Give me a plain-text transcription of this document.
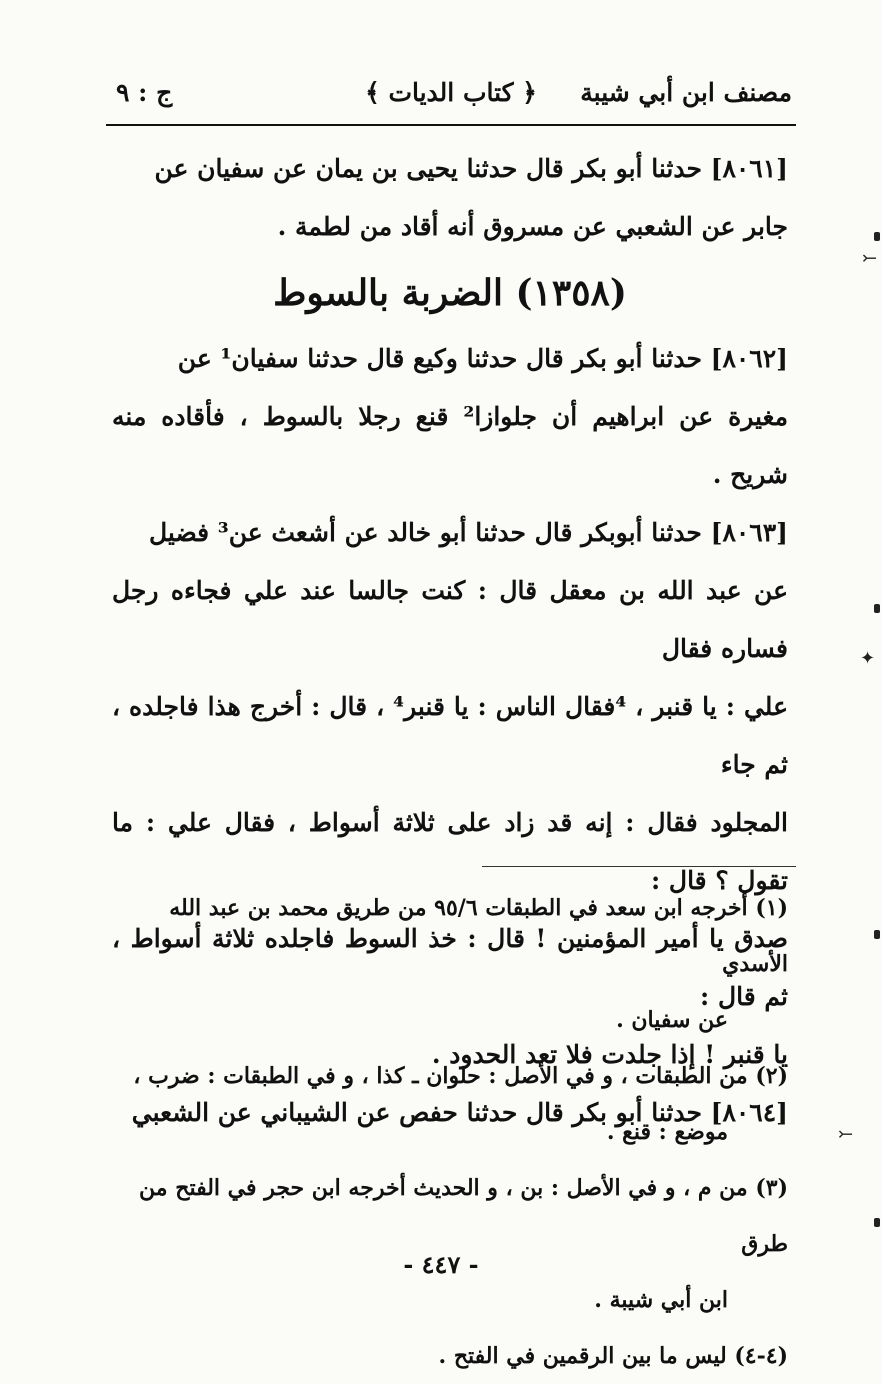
مصنف ابن أبي شيبة
﴿ كتاب الديات ﴾
ج : ٩

[٨٠٦١] حدثنا أبو بكر قال حدثنا يحيى بن يمان عن سفيان عن

جابر عن الشعبي عن مسروق أنه أقاد من لطمة .

(١٣٥٨) الضربة بالسوط

[٨٠٦٢] حدثنا أبو بكر قال حدثنا وكيع قال حدثنا سفيان¹ عن

مغيرة عن ابراهيم أن جلوازا² قنع رجلا بالسوط ، فأقاده منه شريح .

[٨٠٦٣] حدثنا أبوبكر قال حدثنا أبو خالد عن أشعث عن³ فضيل

عن عبد الله بن معقل قال : كنت جالسا عند علي فجاءه رجل فساره فقال

علي : يا قنبر ، ⁴فقال الناس : يا قنبر⁴ ، قال : أخرج هذا فاجلده ، ثم جاء

المجلود فقال : إنه قد زاد على ثلاثة أسواط ، فقال علي : ما تقول ؟ قال :

صدق يا أمير المؤمنين ! قال : خذ السوط فاجلده ثلاثة أسواط ، ثم قال :

يا قنبر ! إذا جلدت فلا تعد الحدود .

[٨٠٦٤] حدثنا أبو بكر قال حدثنا حفص عن الشيباني عن الشعبي

(١) أخرجه ابن سعد في الطبقات ٩٥/٦ من طريق محمد بن عبد الله الأسدي

عن سفيان .

(٢) من الطبقات ، و في الأصل : حلوان ـ كذا ، و في الطبقات : ضرب ،

موضع : قنع .

(٣) من م ، و في الأصل : بن ، و الحديث أخرجه ابن حجر في الفتح من طرق

ابن أبي شيبة .

(٤-٤) ليس ما بين الرقمين في الفتح .

- ٤٤٧ -
⤚
✦
⤚
